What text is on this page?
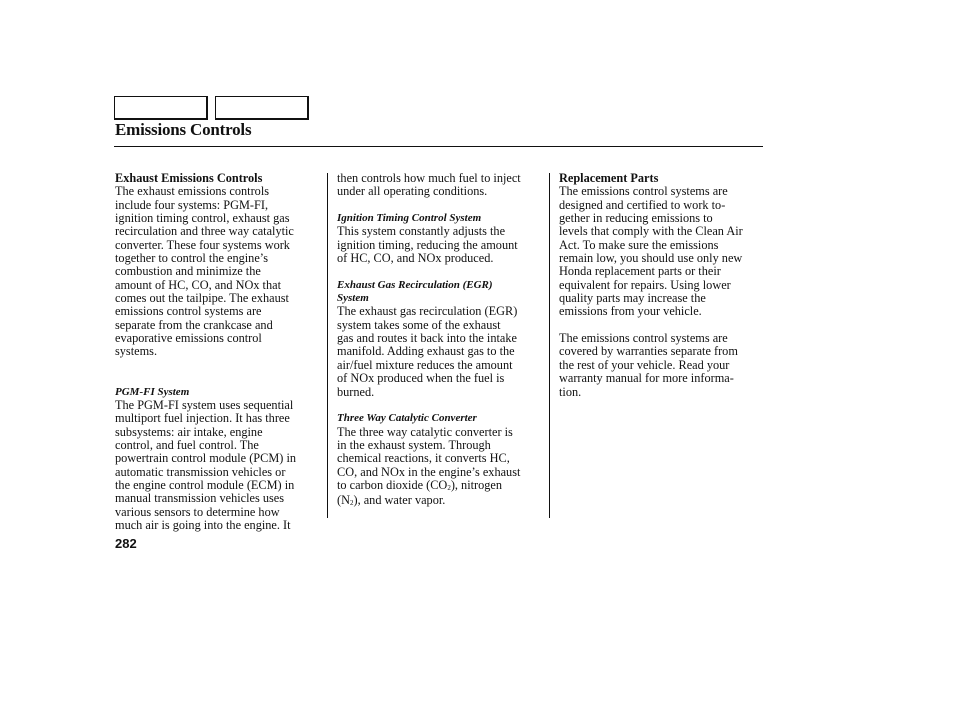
Emissions Controls
Exhaust Emissions Controls
The exhaust emissions controls
include four systems: PGM-FI,
ignition timing control, exhaust gas
recirculation and three way catalytic
converter. These four systems work
together to control the engine’s
combustion and minimize the
amount of HC, CO, and NOx that
comes out the tailpipe. The exhaust
emissions control systems are
separate from the crankcase and
evaporative emissions control
systems.
PGM-FI System
The PGM-FI system uses sequential
multiport fuel injection. It has three
subsystems: air intake, engine
control, and fuel control. The
powertrain control module (PCM) in
automatic transmission vehicles or
the engine control module (ECM) in
manual transmission vehicles uses
various sensors to determine how
much air is going into the engine. It
then controls how much fuel to inject
under all operating conditions.
Ignition Timing Control System
This system constantly adjusts the
ignition timing, reducing the amount
of HC, CO, and NOx produced.
Exhaust Gas Recirculation (EGR)
System
The exhaust gas recirculation (EGR)
system takes some of the exhaust
gas and routes it back into the intake
manifold. Adding exhaust gas to the
air/fuel mixture reduces the amount
of NOx produced when the fuel is
burned.
Three Way Catalytic Converter
The three way catalytic converter is
in the exhaust system. Through
chemical reactions, it converts HC,
CO, and NOx in the engine’s exhaust
to carbon dioxide $(CO_2)$, nitrogen
$(N_2)$, and water vapor.
Replacement Parts
The emissions control systems are
designed and certified to work to-
gether in reducing emissions to
levels that comply with the Clean Air
Act. To make sure the emissions
remain low, you should use only new
Honda replacement parts or their
equivalent for repairs. Using lower
quality parts may increase the
emissions from your vehicle.
The emissions control systems are
covered by warranties separate from
the rest of your vehicle. Read your
warranty manual for more informa-
tion.
282
